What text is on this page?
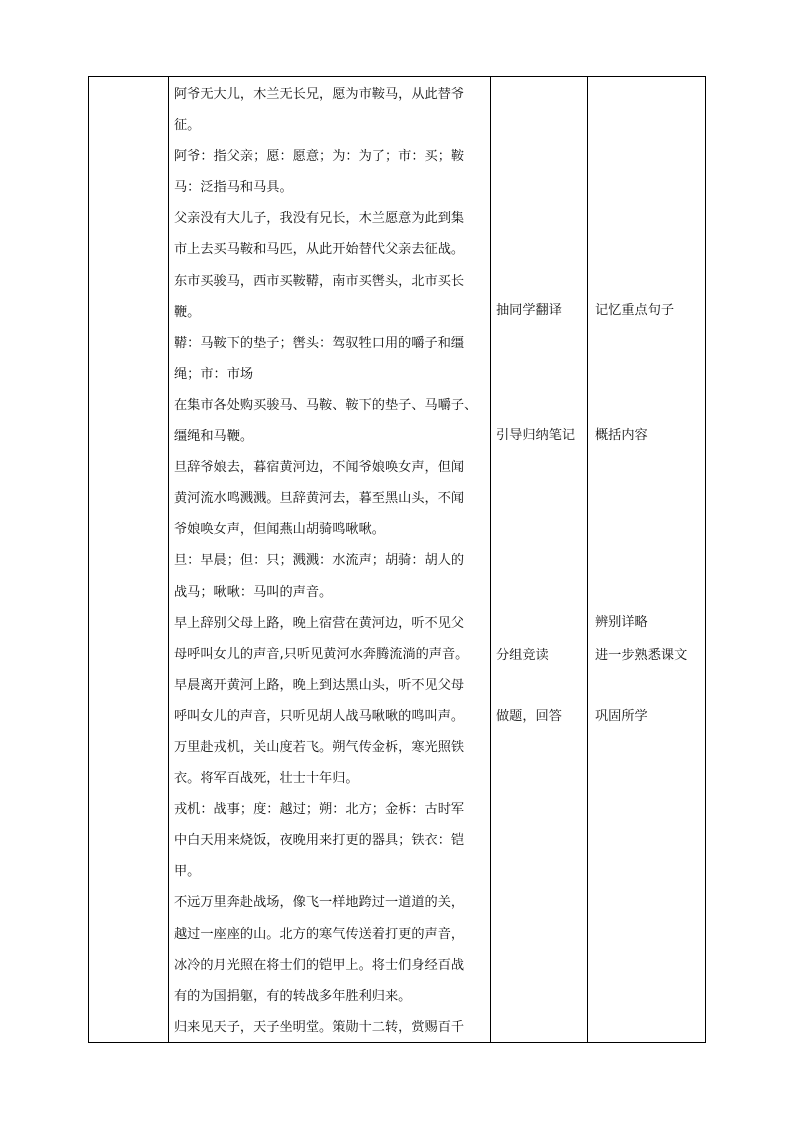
阿爷无大儿，木兰无长兄，愿为市鞍马，从此替爷
征。
阿爷：指父亲；愿：愿意；为：为了；市：买；鞍
马：泛指马和马具。
父亲没有大儿子，我没有兄长，木兰愿意为此到集
市上去买马鞍和马匹，从此开始替代父亲去征战。
东市买骏马，西市买鞍鞯，南市买辔头，北市买长
鞭。
鞯：马鞍下的垫子；辔头：驾驭牲口用的嚼子和缰
绳；市：市场
在集市各处购买骏马、马鞍、鞍下的垫子、马嚼子、
缰绳和马鞭。
旦辞爷娘去，暮宿黄河边，不闻爷娘唤女声，但闻
黄河流水鸣溅溅。旦辞黄河去，暮至黑山头，不闻
爷娘唤女声，但闻燕山胡骑鸣啾啾。
旦：早晨；但：只；溅溅：水流声；胡骑：胡人的
战马；啾啾：马叫的声音。
早上辞别父母上路，晚上宿营在黄河边，听不见父
母呼叫女儿的声音,只听见黄河水奔腾流淌的声音。
早晨离开黄河上路，晚上到达黑山头，听不见父母
呼叫女儿的声音，只听见胡人战马啾啾的鸣叫声。
万里赴戎机，关山度若飞。朔气传金柝，寒光照铁
衣。将军百战死，壮士十年归。
戎机：战事；度：越过；朔：北方；金柝：古时军
中白天用来烧饭，夜晚用来打更的器具；铁衣：铠
甲。
不远万里奔赴战场，像飞一样地跨过一道道的关，
越过一座座的山。北方的寒气传送着打更的声音，
冰冷的月光照在将士们的铠甲上。将士们身经百战
有的为国捐躯，有的转战多年胜利归来。
归来见天子，天子坐明堂。策勋十二转，赏赐百千
抽同学翻译
引导归纳笔记
分组竞读
做题，回答
记忆重点句子
概括内容
辨别详略
进一步熟悉课文
巩固所学
